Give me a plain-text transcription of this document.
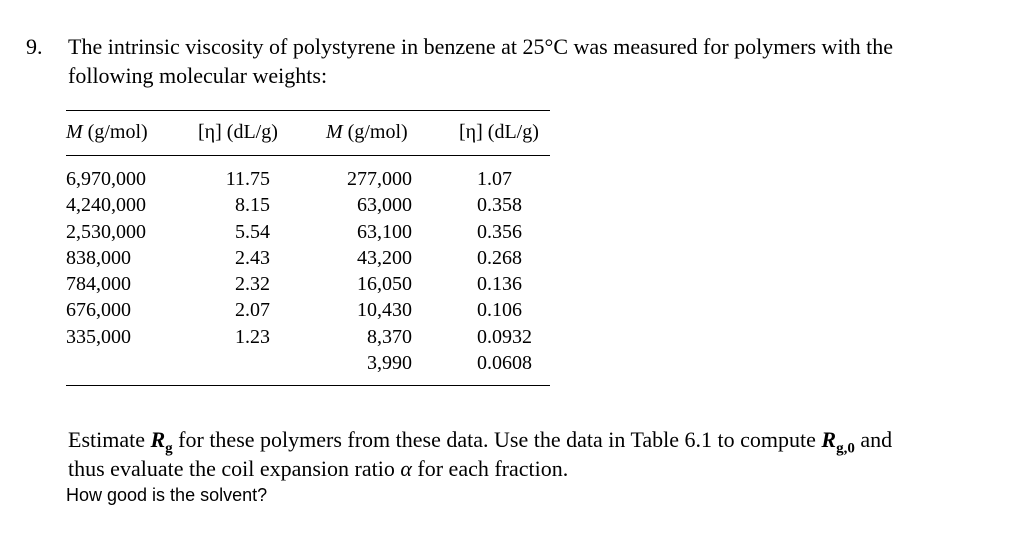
9. The intrinsic viscosity of polystyrene in benzene at 25°C was measured for polymers with the
following molecular weights:
M (g/mol)	[η] (dL/g) M (g/mol)	[η] (dL/g)
6,970,000
4,240,000
2,530,000
838,000
784,000
676,000
335,000
11.75
8.15
5.54
2.43
2.32
2.07
1.23
277,000
63,000
63,100
43,200
16,050
10,430
8,370
3,990
1.07
0.358
0.356
0.268
0.136
0.106
0.0932
0.0608
Estimate $R_g$ for these polymers from these data. Use the data in Table 6.1 to compute $R_{g,0}$ and
thus evaluate the coil expansion ratio α for each fraction.
How good is the solvent?
